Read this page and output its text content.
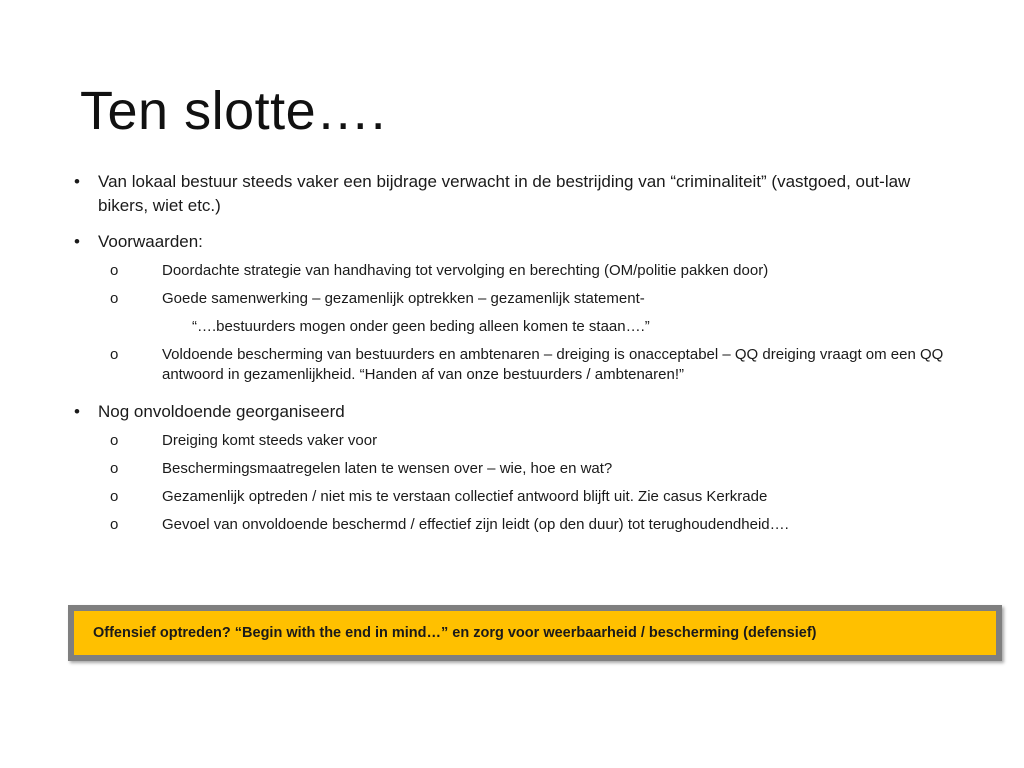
Ten slotte….
• Van lokaal bestuur steeds vaker een bijdrage verwacht in de bestrijding van “criminaliteit” (vastgoed, out-law bikers, wiet etc.)
• Voorwaarden:
o	Doordachte strategie van handhaving tot vervolging en berechting (OM/politie pakken door)
o	Goede samenwerking – gezamenlijk optrekken – gezamenlijk statement-
“….bestuurders mogen onder geen beding alleen komen te staan….”
o	Voldoende bescherming van bestuurders en ambtenaren – dreiging is onacceptabel – QQ dreiging vraagt om een QQ antwoord in gezamenlijkheid. “Handen af van onze bestuurders / ambtenaren!”
• Nog onvoldoende georganiseerd
o	Dreiging komt steeds vaker voor
o	Beschermingsmaatregelen laten te wensen over – wie, hoe en wat?
o	Gezamenlijk optreden / niet mis te verstaan collectief antwoord blijft uit. Zie casus Kerkrade
o	Gevoel van onvoldoende beschermd / effectief zijn leidt (op den duur) tot terughoudendheid….
Offensief optreden? “Begin with the end in mind…” en zorg voor weerbaarheid / bescherming (defensief)
